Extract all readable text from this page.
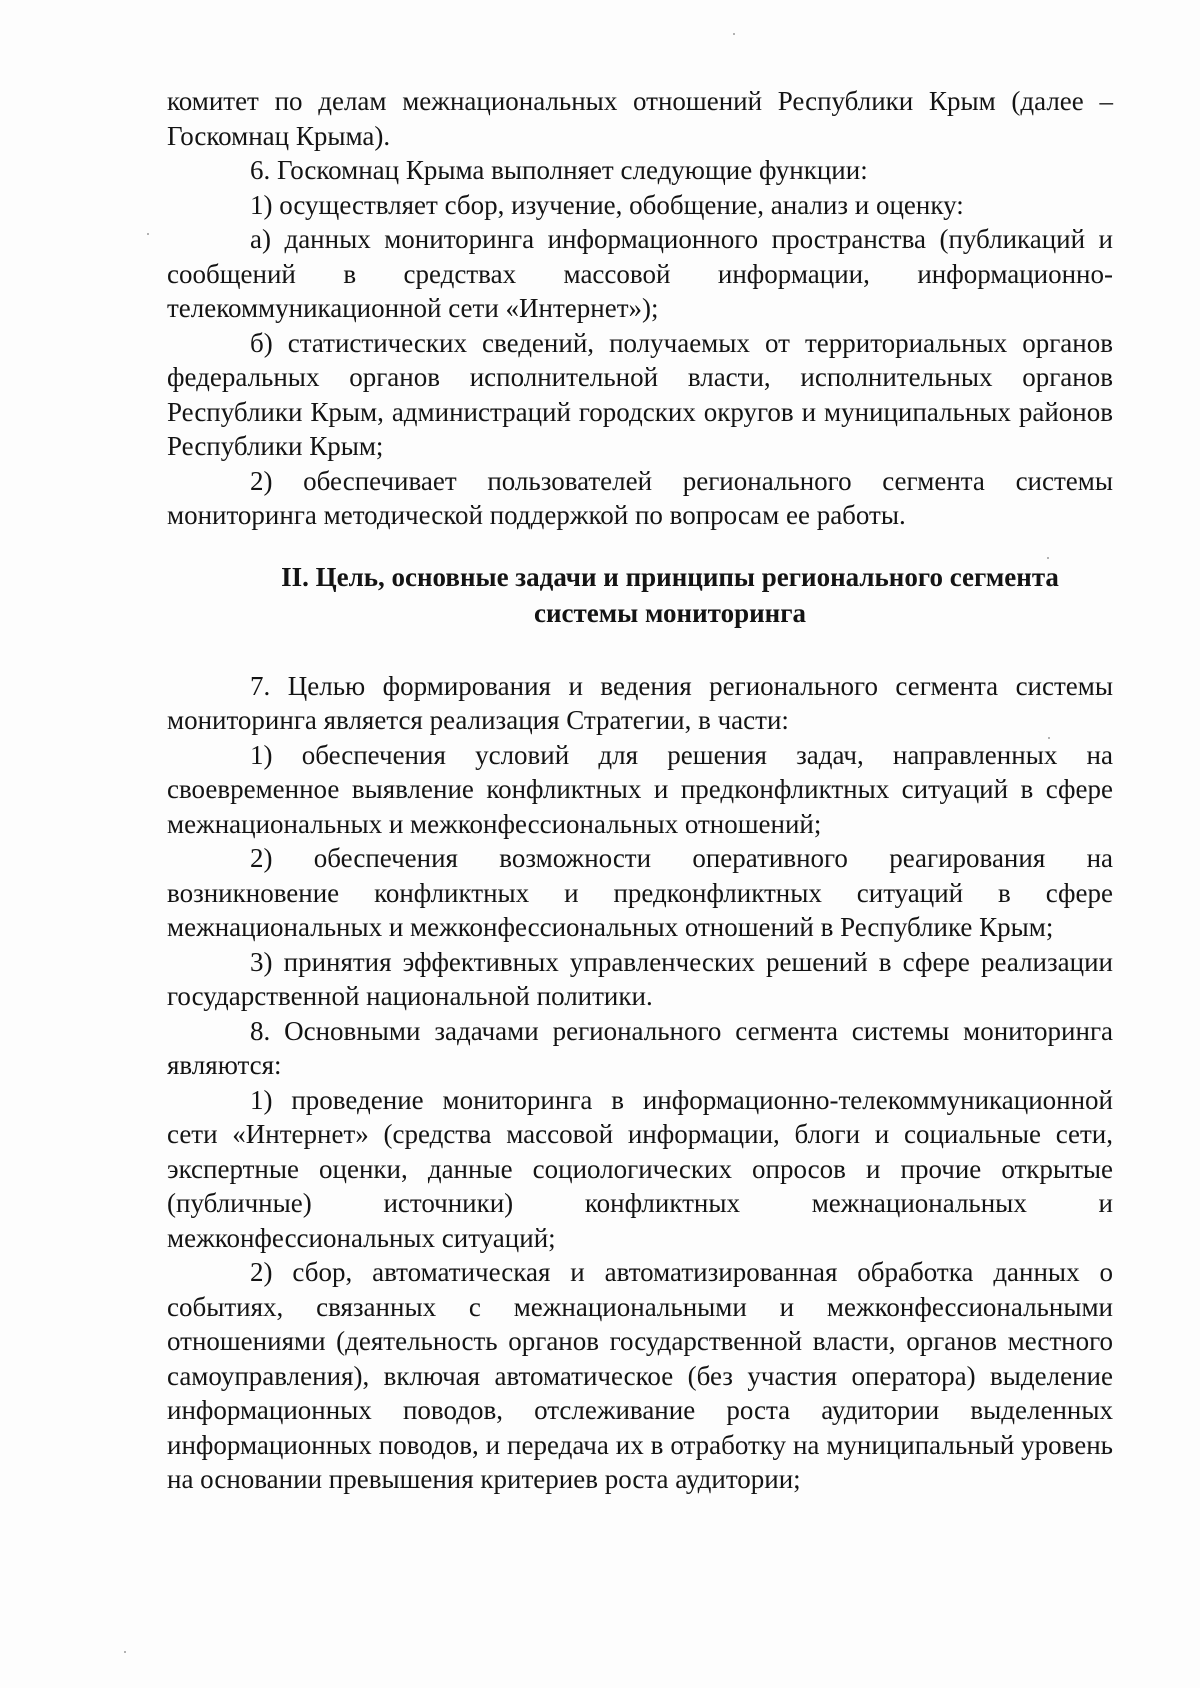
комитет по делам межнациональных отношений Республики Крым (далее – Госкомнац Крыма).

6. Госкомнац Крыма выполняет следующие функции:

1) осуществляет сбор, изучение, обобщение, анализ и оценку:

а) данных мониторинга информационного пространства (публикаций и сообщений в средствах массовой информации, информационно-телекоммуникационной сети «Интернет»);

б) статистических сведений, получаемых от территориальных органов федеральных органов исполнительной власти, исполнительных органов Республики Крым, администраций городских округов и муниципальных районов Республики Крым;

2) обеспечивает пользователей регионального сегмента системы мониторинга методической поддержкой по вопросам ее работы.

II. Цель, основные задачи и принципы регионального сегмента системы мониторинга

7. Целью формирования и ведения регионального сегмента системы мониторинга является реализация Стратегии, в части:

1) обеспечения условий для решения задач, направленных на своевременное выявление конфликтных и предконфликтных ситуаций в сфере межнациональных и межконфессиональных отношений;

2) обеспечения возможности оперативного реагирования на возникновение конфликтных и предконфликтных ситуаций в сфере межнациональных и межконфессиональных отношений в Республике Крым;

3) принятия эффективных управленческих решений в сфере реализации государственной национальной политики.

8. Основными задачами регионального сегмента системы мониторинга являются:

1) проведение мониторинга в информационно-телекоммуникационной сети «Интернет» (средства массовой информации, блоги и социальные сети, экспертные оценки, данные социологических опросов и прочие открытые (публичные) источники) конфликтных межнациональных и межконфессиональных ситуаций;

2) сбор, автоматическая и автоматизированная обработка данных о событиях, связанных с межнациональными и межконфессиональными отношениями (деятельность органов государственной власти, органов местного самоуправления), включая автоматическое (без участия оператора) выделение информационных поводов, отслеживание роста аудитории выделенных информационных поводов, и передача их в отработку на муниципальный уровень на основании превышения критериев роста аудитории;
